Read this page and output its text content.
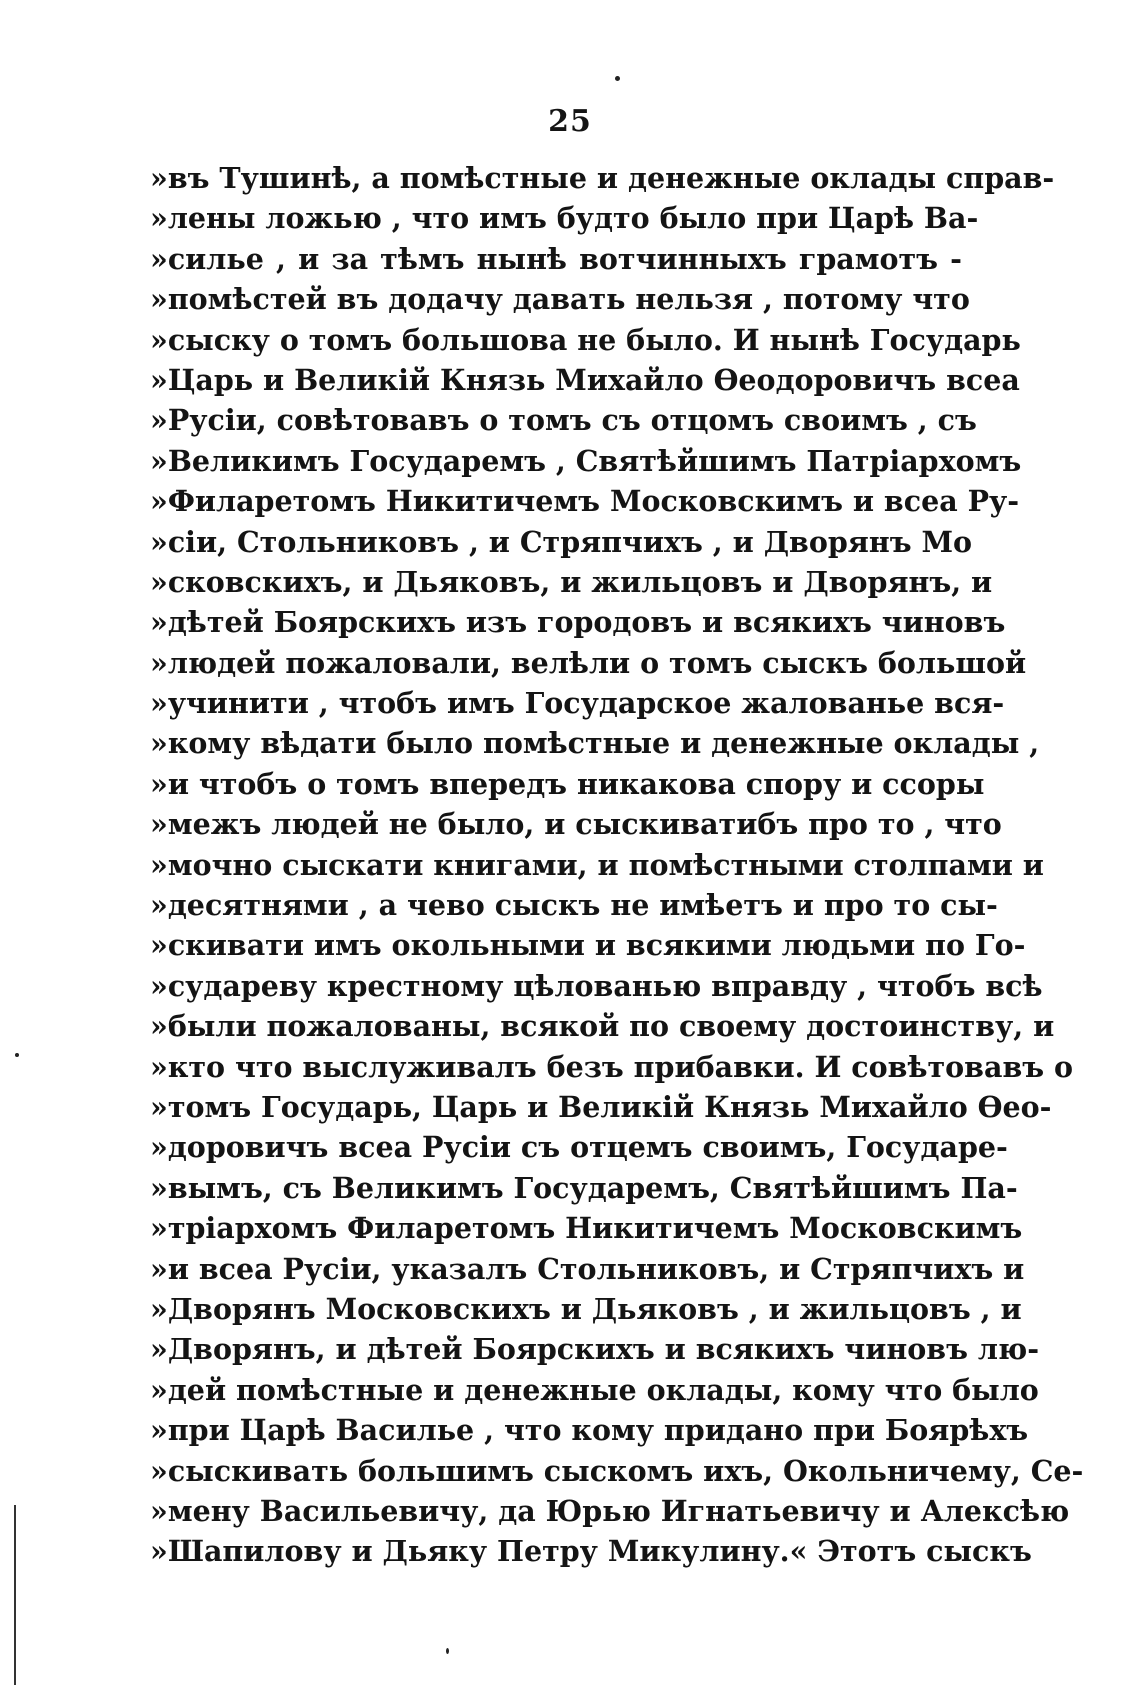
25
»въ Тушинѣ, а помѣстные и денежные оклады справ-
»лены ложью , что имъ будто было при Царѣ Ва-
»силье , и за тѣмъ нынѣ вотчинныхъ грамотъ -
»помѣстей въ додачу давать нельзя , потому что
»сыску о томъ большова не было. И нынѣ Государь
»Царь и Великій Князь Михайло Ѳеодоровичъ всеа
»Русіи, совѣтовавъ о томъ съ отцомъ своимъ , съ
»Великимъ Государемъ , Святѣйшимъ Патріархомъ
»Филаретомъ Никитичемъ Московскимъ и всеа Ру-
»сіи, Стольниковъ , и Стряпчихъ , и Дворянъ Мо
»сковскихъ, и Дьяковъ, и жильцовъ и Дворянъ, и
»дѣтей Боярскихъ изъ городовъ и всякихъ чиновъ
»людей пожаловали, велѣли о томъ сыскъ большой
»учинити , чтобъ имъ Государское жалованье вся-
»кому вѣдати было помѣстные и денежные оклады ,
»и чтобъ о томъ впередъ никакова спору и ссоры
»межъ людей не было, и сыскиватибъ про то , что
»мочно сыскати книгами, и помѣстными столпами и
»десятнями , а чево сыскъ не имѣетъ и про то сы-
»скивати имъ окольными и всякими людьми по Го-
»судареву крестному цѣлованью вправду , чтобъ всѣ
»были пожалованы, всякой по своему достоинству, и
»кто что выслуживалъ безъ прибавки. И совѣтовавъ о
»томъ Государь, Царь и Великій Князь Михайло Ѳео-
»доровичъ всеа Русіи съ отцемъ своимъ, Государе-
»вымъ, съ Великимъ Государемъ, Святѣйшимъ Па-
»тріархомъ Филаретомъ Никитичемъ Московскимъ
»и всеа Русіи, указалъ Стольниковъ, и Стряпчихъ и
»Дворянъ Московскихъ и Дьяковъ , и жильцовъ , и
»Дворянъ, и дѣтей Боярскихъ и всякихъ чиновъ лю-
»дей помѣстные и денежные оклады, кому что было
»при Царѣ Василье , что кому придано при Боярѣхъ
»сыскивать большимъ сыскомъ ихъ, Окольничему, Се-
»мену Васильевичу, да Юрью Игнатьевичу и Алексѣю
»Шапилову и Дьяку Петру Микулину.« Этотъ сыскъ
